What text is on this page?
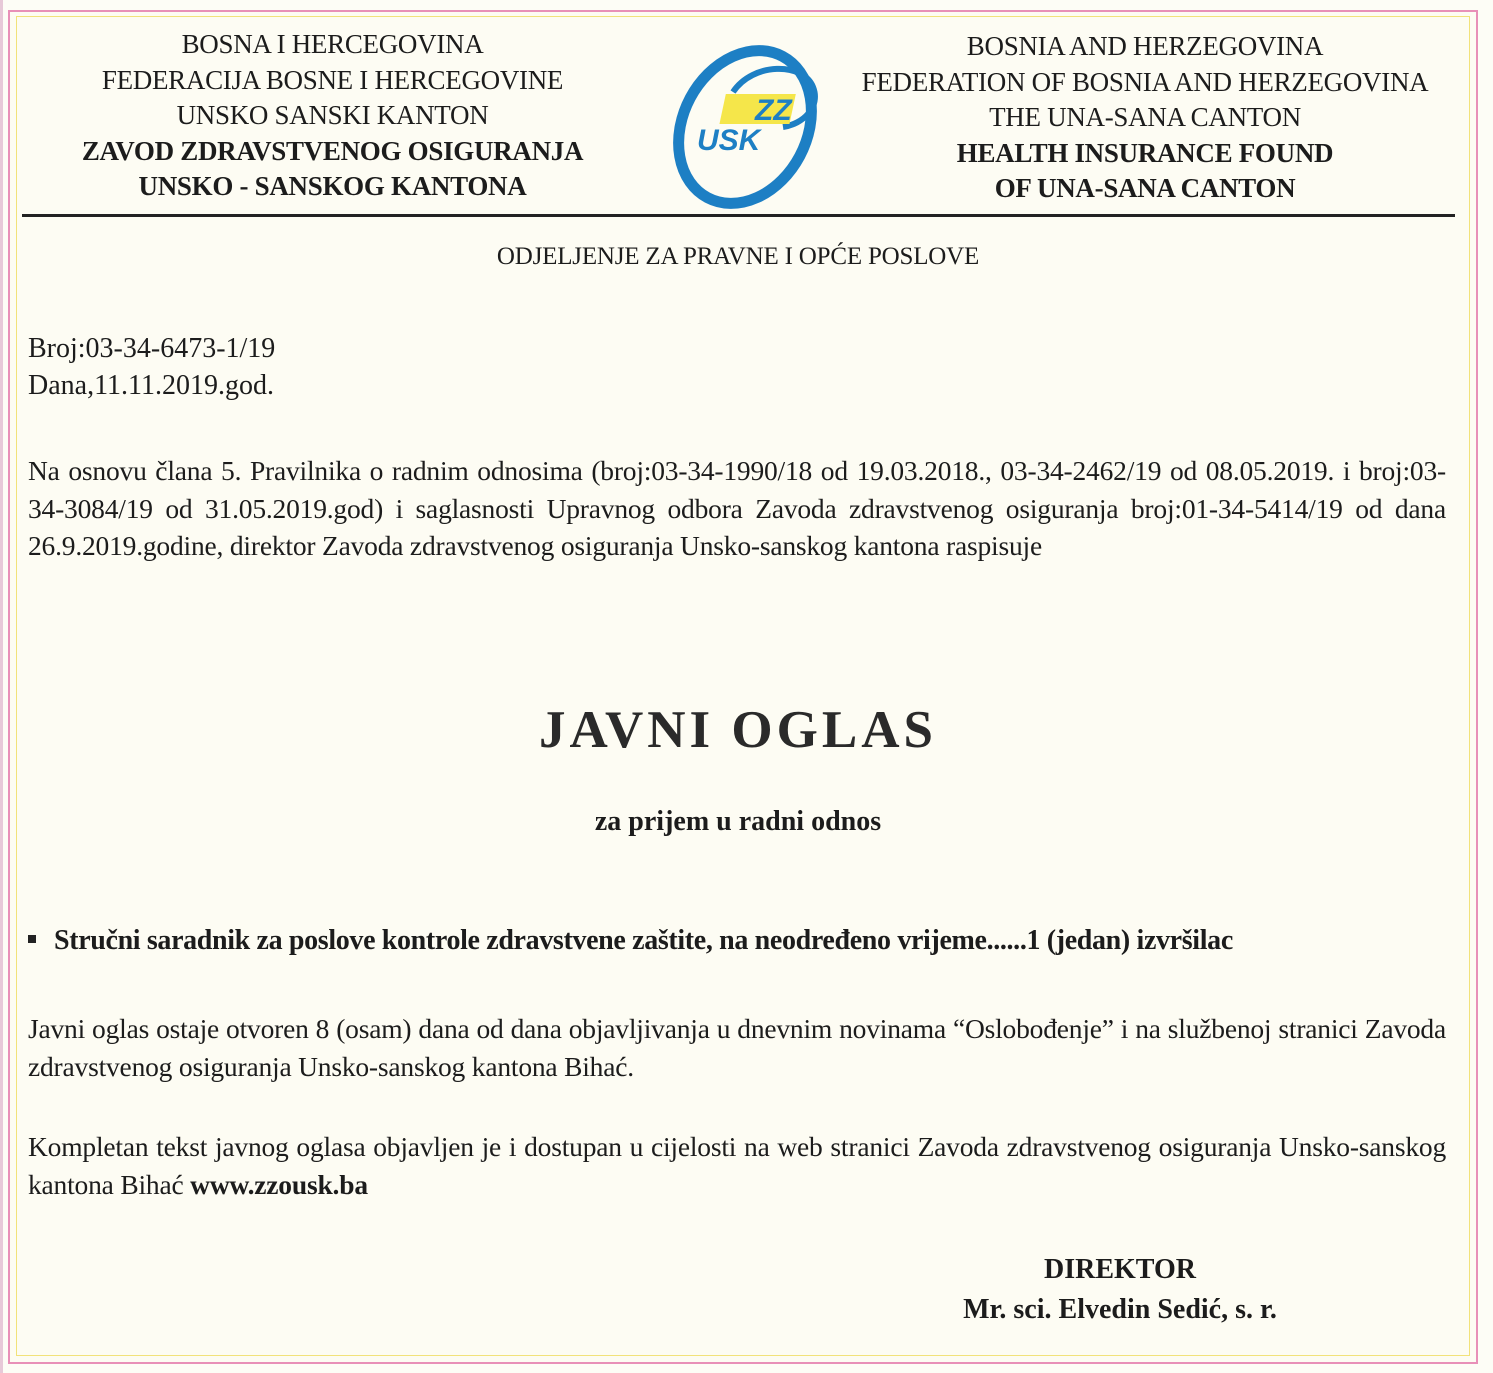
BOSNA I HERCEGOVINA
FEDERACIJA BOSNE I HERCEGOVINE
UNSKO SANSKI KANTON
ZAVOD ZDRAVSTVENOG OSIGURANJA
UNSKO - SANSKOG KANTONA
ZZ
USK
BOSNIA AND HERZEGOVINA
FEDERATION OF BOSNIA AND HERZEGOVINA
THE UNA-SANA CANTON
HEALTH INSURANCE FOUND
OF UNA-SANA CANTON
ODJELJENJE ZA PRAVNE I OPĆE POSLOVE
Broj:03-34-6473-1/19
Dana,11.11.2019.god.
Na osnovu člana 5. Pravilnika o radnim odnosima (broj:03-34-1990/18 od 19.03.2018., 03-34-2462/19 od 08.05.2019. i broj:03-34-3084/19 od 31.05.2019.god) i saglasnosti Upravnog odbora Zavoda zdravstvenog osiguranja broj:01-34-5414/19 od dana 26.9.2019.godine, direktor Zavoda zdravstvenog osiguranja Unsko-sanskog kantona raspisuje
JAVNI OGLAS
za prijem u radni odnos
Stručni saradnik za poslove kontrole zdravstvene zaštite, na neodređeno vrijeme......1 (jedan) izvršilac
Javni oglas ostaje otvoren 8 (osam) dana od dana objavljivanja u dnevnim novinama “Oslobođenje” i na službenoj stranici Zavoda zdravstvenog osiguranja Unsko-sanskog kantona Bihać.
Kompletan tekst javnog oglasa objavljen je i dostupan u cijelosti na web stranici Zavoda zdravstvenog osiguranja Unsko-sanskog kantona Bihać www.zzousk.ba
DIREKTOR
Mr. sci. Elvedin Sedić, s. r.
